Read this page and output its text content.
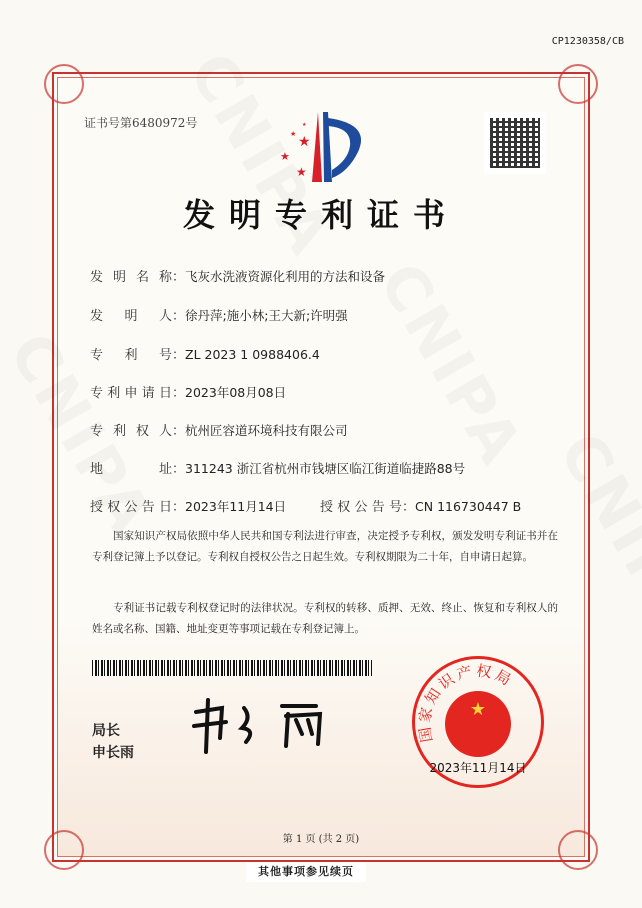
CP1230358/CB
证书号第6480972号
★
★
★
★
★
发明专利证书
发明名称：飞灰水洗液资源化利用的方法和设备
发明人：徐丹萍;施小林;王大新;许明强
专利号：ZL 2023 1 0988406.4
专利申请日：2023年08月08日
专利权人：杭州匠容道环境科技有限公司
地址：311243 浙江省杭州市钱塘区临江街道临捷路88号
授权公告日：2023年11月14日	授权公告号：CN 116730447 B
国家知识产权局依照中华人民共和国专利法进行审查，决定授予专利权，颁发发明专利证书并在专利登记簿上予以登记。专利权自授权公告之日起生效。专利权期限为二十年，自申请日起算。
专利证书记载专利权登记时的法律状况。专利权的转移、质押、无效、终止、恢复和专利权人的姓名或名称、国籍、地址变更等事项记载在专利登记簿上。
局长
申长雨
国家知识产权局
★
2023年11月14日
第 1 页 (共 2 页)
其他事项参见续页
